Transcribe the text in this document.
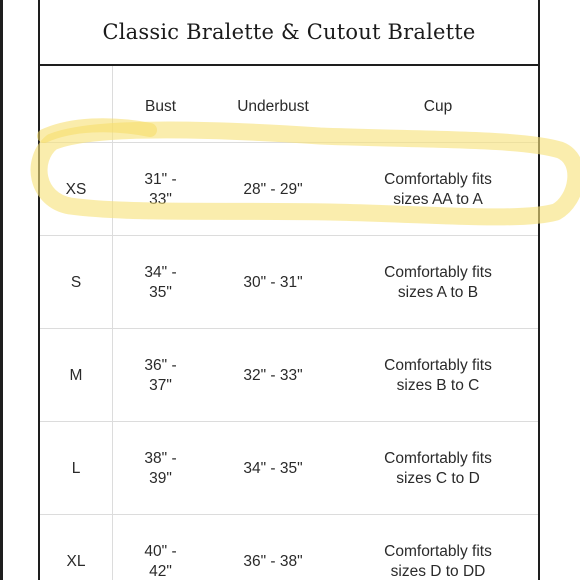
Classic Bralette & Cutout Bralette
Bust	Underbust	Cup
XS
31" - 33"
28" - 29"
Comfortably fits sizes AA to A
S
34" - 35"
30" - 31"
Comfortably fits sizes A to B
M
36" - 37"
32" - 33"
Comfortably fits sizes B to C
L
38" - 39"
34" - 35"
Comfortably fits sizes C to D
XL
40" - 42"
36" - 38"
Comfortably fits sizes D to DD
